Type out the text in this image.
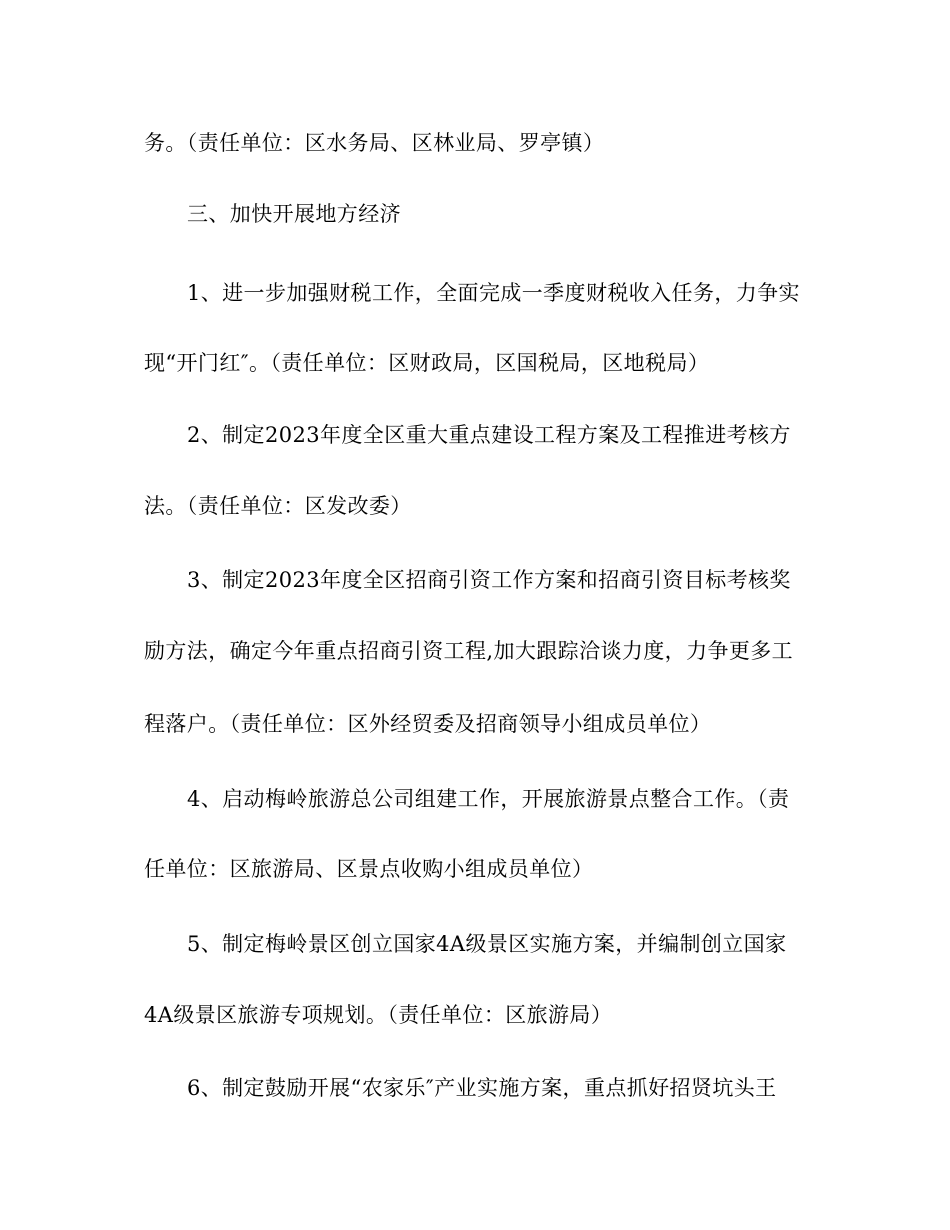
务。（责任单位：区水务局、区林业局、罗亭镇）
三、加快开展地方经济
1、进一步加强财税工作，全面完成一季度财税收入任务，力争实
现“开门红″。（责任单位：区财政局，区国税局，区地税局）
2、制定2023年度全区重大重点建设工程方案及工程推进考核方
法。（责任单位：区发改委）
3、制定2023年度全区招商引资工作方案和招商引资目标考核奖
励方法，确定今年重点招商引资工程,加大跟踪洽谈力度，力争更多工
程落户。（责任单位：区外经贸委及招商领导小组成员单位）
4、启动梅岭旅游总公司组建工作，开展旅游景点整合工作。（责
任单位：区旅游局、区景点收购小组成员单位）
5、制定梅岭景区创立国家4A级景区实施方案，并编制创立国家
4A级景区旅游专项规划。（责任单位：区旅游局）
6、制定鼓励开展“农家乐″产业实施方案，重点抓好招贤坑头王
